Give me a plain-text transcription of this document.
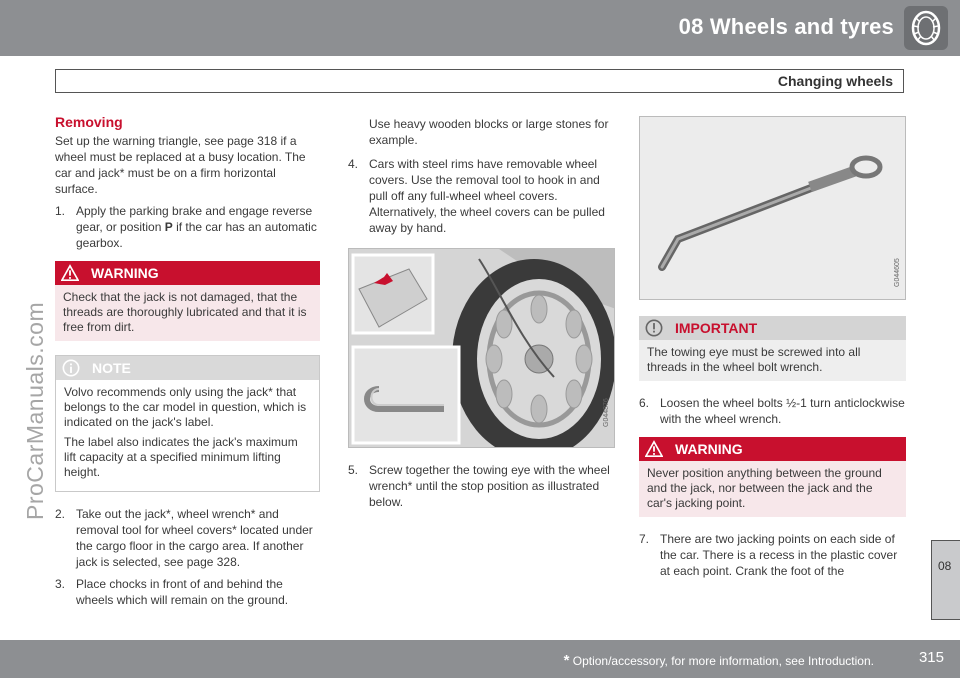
08 Wheels and tyres
Changing wheels
ProCarManuals.com
Removing

Set up the warning triangle, see page 318 if a wheel must be replaced at a busy location. The car and jack* must be on a firm horizontal surface.

1. Apply the parking brake and engage reverse gear, or position P if the car has an automatic gearbox.
WARNING
Check that the jack is not damaged, that the threads are thoroughly lubricated and that it is free from dirt.
NOTE

Volvo recommends only using the jack* that belongs to the car model in question, which is indicated on the jack's label.

The label also indicates the jack's maximum lift capacity at a specified minimum lifting height.

2. Take out the jack*, wheel wrench* and removal tool for wheel covers* located under the cargo floor in the cargo area. If another jack is selected, see page 328.
3. Place chocks in front of and behind the wheels which will remain on the ground.
Use heavy wooden blocks or large stones for example.
4. Cars with steel rims have removable wheel covers. Use the removal tool to hook in and pull off any full-wheel wheel covers. Alternatively, the wheel covers can be pulled away by hand.
G044876
5. Screw together the towing eye with the wheel wrench* until the stop position as illustrated below.
G044605
IMPORTANT
The towing eye must be screwed into all threads in the wheel bolt wrench.
6. Loosen the wheel bolts ½-1 turn anticlockwise with the wheel wrench.
WARNING
Never position anything between the ground and the jack, nor between the jack and the car's jacking point.
7. There are two jacking points on each side of the car. There is a recess in the plastic cover at each point. Crank the foot of the	08
* Option/accessory, for more information, see Introduction.	315
